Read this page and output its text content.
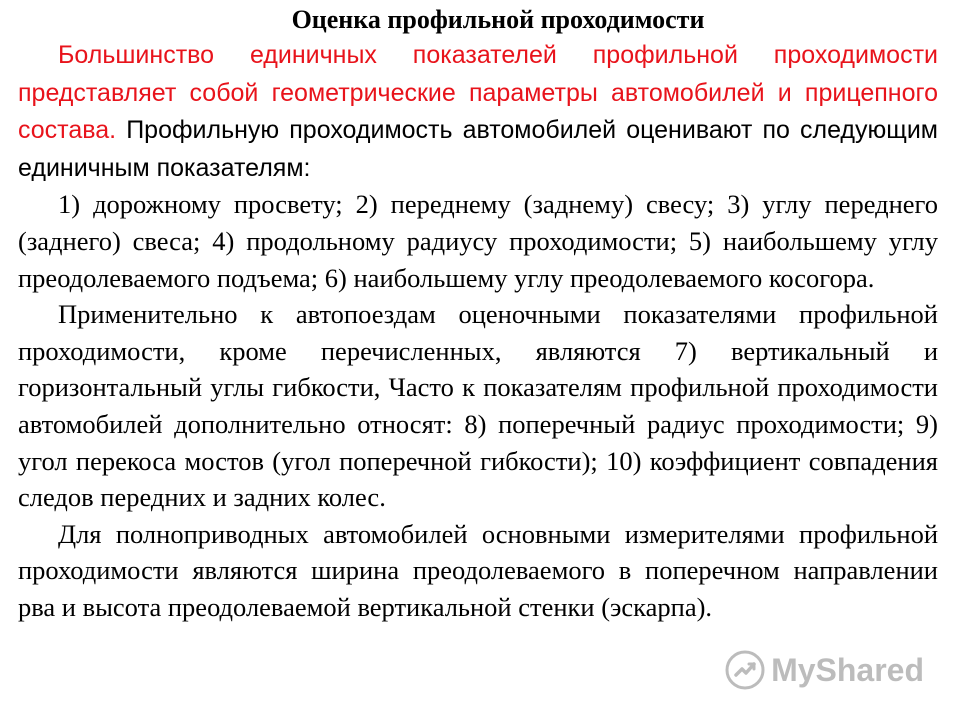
Оценка профильной проходимости

Большинство единичных показателей профильной проходимости представляет собой геометрические параметры автомобилей и прицепного состава. Профильную проходимость автомобилей оценивают по следующим единичным показателям:

1) дорожному просвету; 2) переднему (заднему) свесу; 3) углу переднего (заднего) свеса; 4) продольному радиусу проходимости; 5) наибольшему углу преодолеваемого подъема; 6) наибольшему углу преодолеваемого косогора.

Применительно к автопоездам оценочными показателями профильной проходимости, кроме перечисленных, являются 7) вертикальный и горизонтальный углы гибкости, Часто к показателям профильной проходимости автомобилей дополнительно относят: 8) поперечный радиус проходимости; 9) угол перекоса мостов (угол поперечной гибкости); 10) коэффициент совпадения следов передних и задних колес.

Для полноприводных автомобилей основными измерителями профильной проходимости являются ширина преодолеваемого в поперечном направлении рва и высота преодолеваемой вертикальной стенки (эскарпа).

MyShared
